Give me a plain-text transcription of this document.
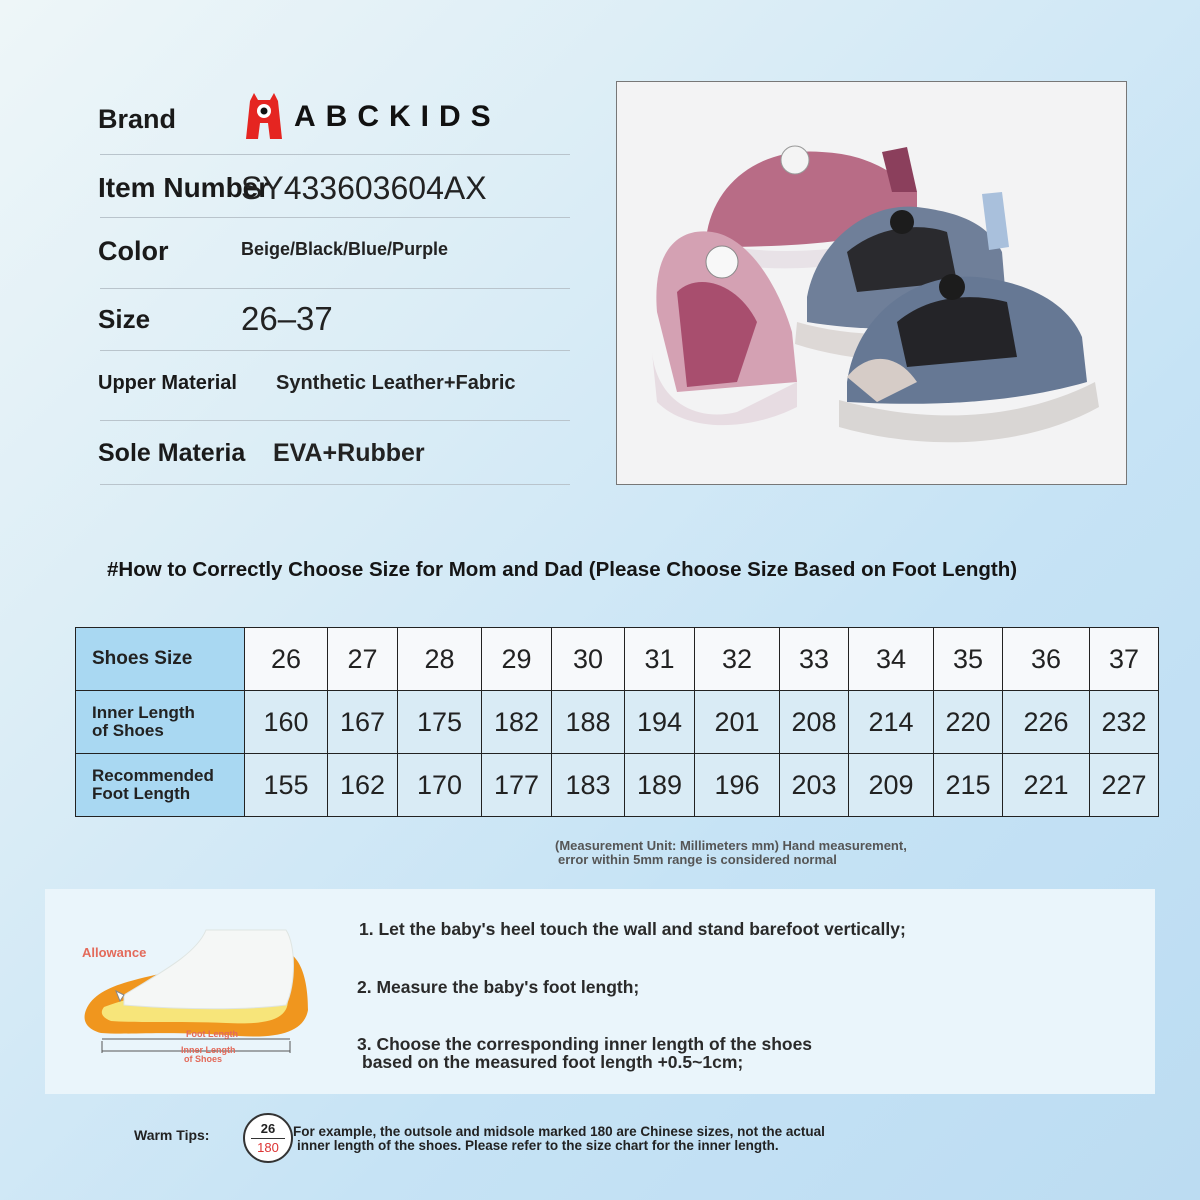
Brand	ABCKIDS
Item Number
SY433603604AX
Color	Beige/Black/Blue/Purple
Size	26–37
Upper Material Synthetic Leather+Fabric
Sole Materia EVA+Rubber
#How to Correctly Choose Size for Mom and Dad (Please Choose Size Based on Foot Length)
Shoes Size	26	27	28	29	30	31	32	33	34	35	36	37
Inner Length
of Shoes	160	167	175	182	188	194	201	208	214	220	226	232
Recommended
Foot Length	155	162	170	177	183	189	196	203	209	215	221	227
(Measurement Unit: Millimeters mm) Hand measurement,
error within 5mm range is considered normal
Allowance
Foot Length
Inner Length
of Shoes
1. Let the baby's heel touch the wall and stand barefoot vertically;
2. Measure the baby's foot length;
3. Choose the corresponding inner length of the shoes
based on the measured foot length +0.5~1cm;
Warm Tips:	26
180
For example, the outsole and midsole marked 180 are Chinese sizes, not the actual
inner length of the shoes. Please refer to the size chart for the inner length.
